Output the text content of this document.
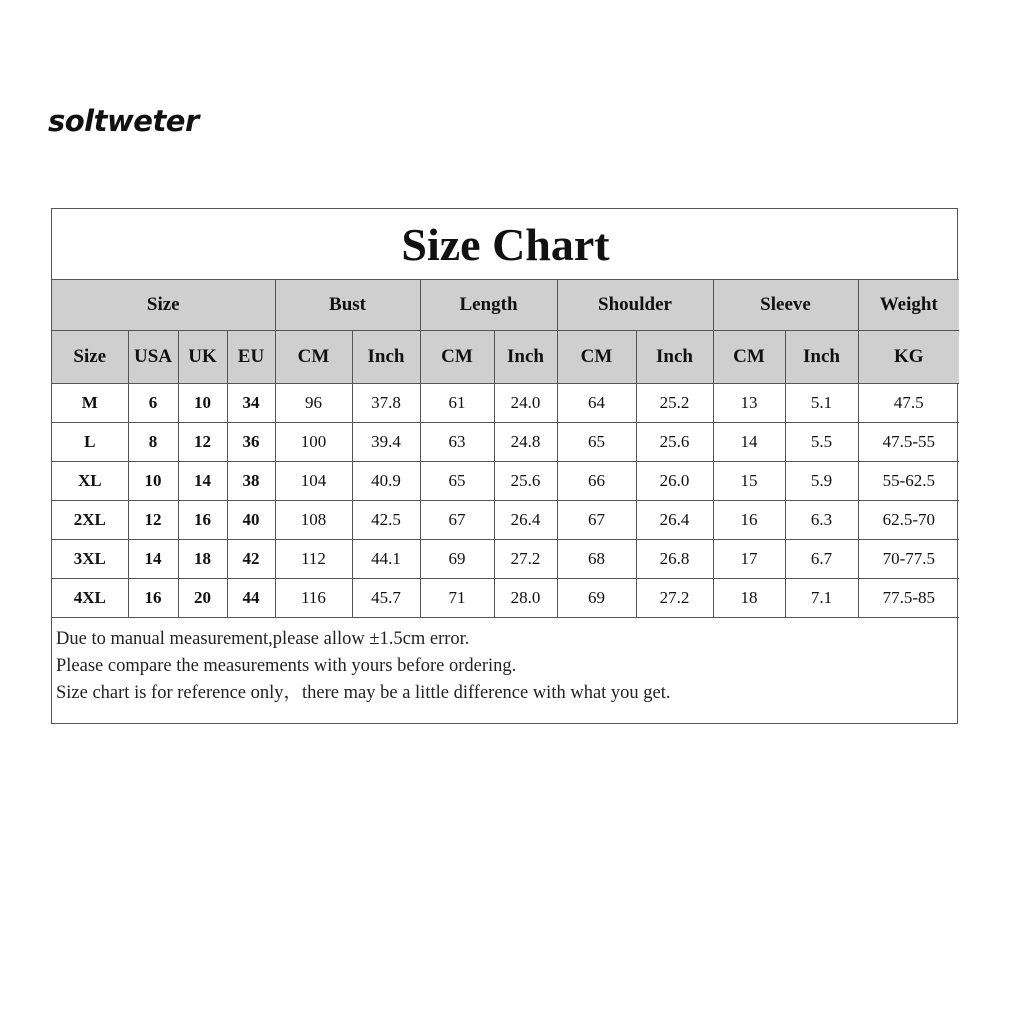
soltweter
Size Chart												
Size				Bust		Length		Shoulder		Sleeve		Weight
Size	USA	UK	EU	CM	Inch	CM	Inch	CM	Inch	CM	Inch	KG
M	6	10	34	96	37.8	61	24.0	64	25.2	13	5.1	47.5
L	8	12	36	100	39.4	63	24.8	65	25.6	14	5.5	47.5-55
XL	10	14	38	104	40.9	65	25.6	66	26.0	15	5.9	55-62.5
2XL	12	16	40	108	42.5	67	26.4	67	26.4	16	6.3	62.5-70
3XL	14	18	42	112	44.1	69	27.2	68	26.8	17	6.7	70-77.5
4XL	16	20	44	116	45.7	71	28.0	69	27.2	18	7.1	77.5-85
Due to manual measurement,please allow ±1.5cm error.
Please compare the measurements with yours before ordering.
Size chart is for reference only，there may be a little difference with what you get.
